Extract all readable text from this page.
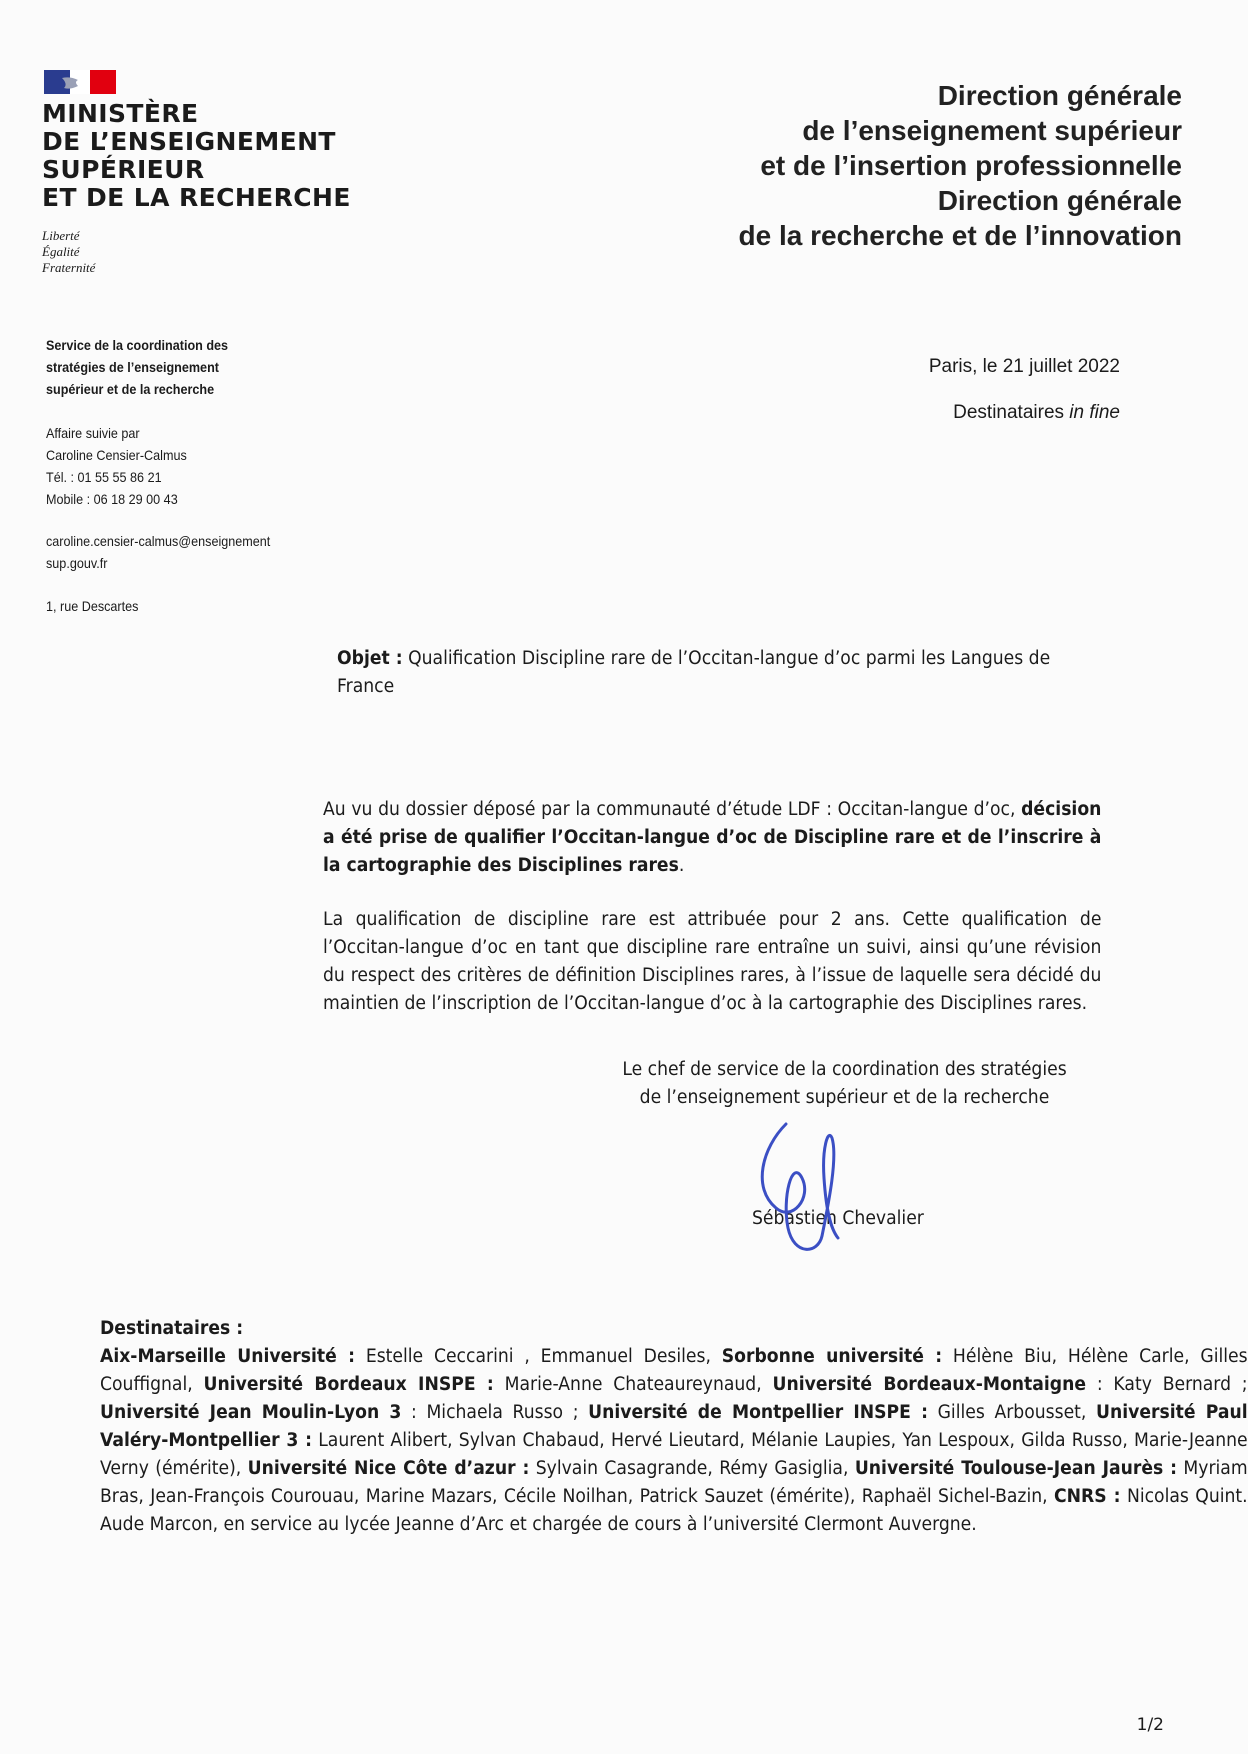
MINISTÈRE
DE L’ENSEIGNEMENT
SUPÉRIEUR
ET DE LA RECHERCHE
Liberté
Égalité
Fraternité
Direction générale
de l’enseignement supérieur
et de l’insertion professionnelle
Direction générale
de la recherche et de l’innovation
Service de la coordination des
stratégies de l’enseignement
supérieur et de la recherche
Affaire suivie par
Caroline Censier-Calmus
Tél. : 01 55 55 86 21
Mobile : 06 18 29 00 43
caroline.censier-calmus@enseignement
sup.gouv.fr
1, rue Descartes
Paris, le 21 juillet 2022
Destinataires in fine
Objet : Qualification Discipline rare de l’Occitan-langue d’oc parmi les Langues de France
Au vu du dossier déposé par la communauté d’étude LDF : Occitan-langue d’oc, décision a été prise de qualifier l’Occitan-langue d’oc de Discipline rare et de l’inscrire à la cartographie des Disciplines rares.
La qualification de discipline rare est attribuée pour 2 ans. Cette qualification de l’Occitan-langue d’oc en tant que discipline rare entraîne un suivi, ainsi qu’une révision du respect des critères de définition Disciplines rares, à l’issue de laquelle sera décidé du maintien de l’inscription de l’Occitan-langue d’oc à la cartographie des Disciplines rares.
Le chef de service de la coordination des stratégies
de l’enseignement supérieur et de la recherche
Sébastien Chevalier

Destinataires :

Aix-Marseille Université : Estelle Ceccarini , Emmanuel Desiles, Sorbonne université : Hélène Biu, Hélène Carle, Gilles Couffignal, Université Bordeaux INSPE : Marie-Anne Chateaureynaud, Université Bordeaux-Montaigne : Katy Bernard ; Université Jean Moulin-Lyon 3 : Michaela Russo ; Université de Montpellier INSPE : Gilles Arbousset, Université Paul Valéry-Montpellier 3 : Laurent Alibert, Sylvan Chabaud, Hervé Lieutard, Mélanie Laupies, Yan Lespoux, Gilda Russo, Marie-Jeanne Verny (émérite), Université Nice Côte d’azur : Sylvain Casagrande, Rémy Gasiglia, Université Toulouse-Jean Jaurès : Myriam Bras, Jean-François Courouau, Marine Mazars, Cécile Noilhan, Patrick Sauzet (émérite), Raphaël Sichel-Bazin, CNRS : Nicolas Quint. Aude Marcon, en service au lycée Jeanne d’Arc et chargée de cours à l’université Clermont Auvergne.

1/2
